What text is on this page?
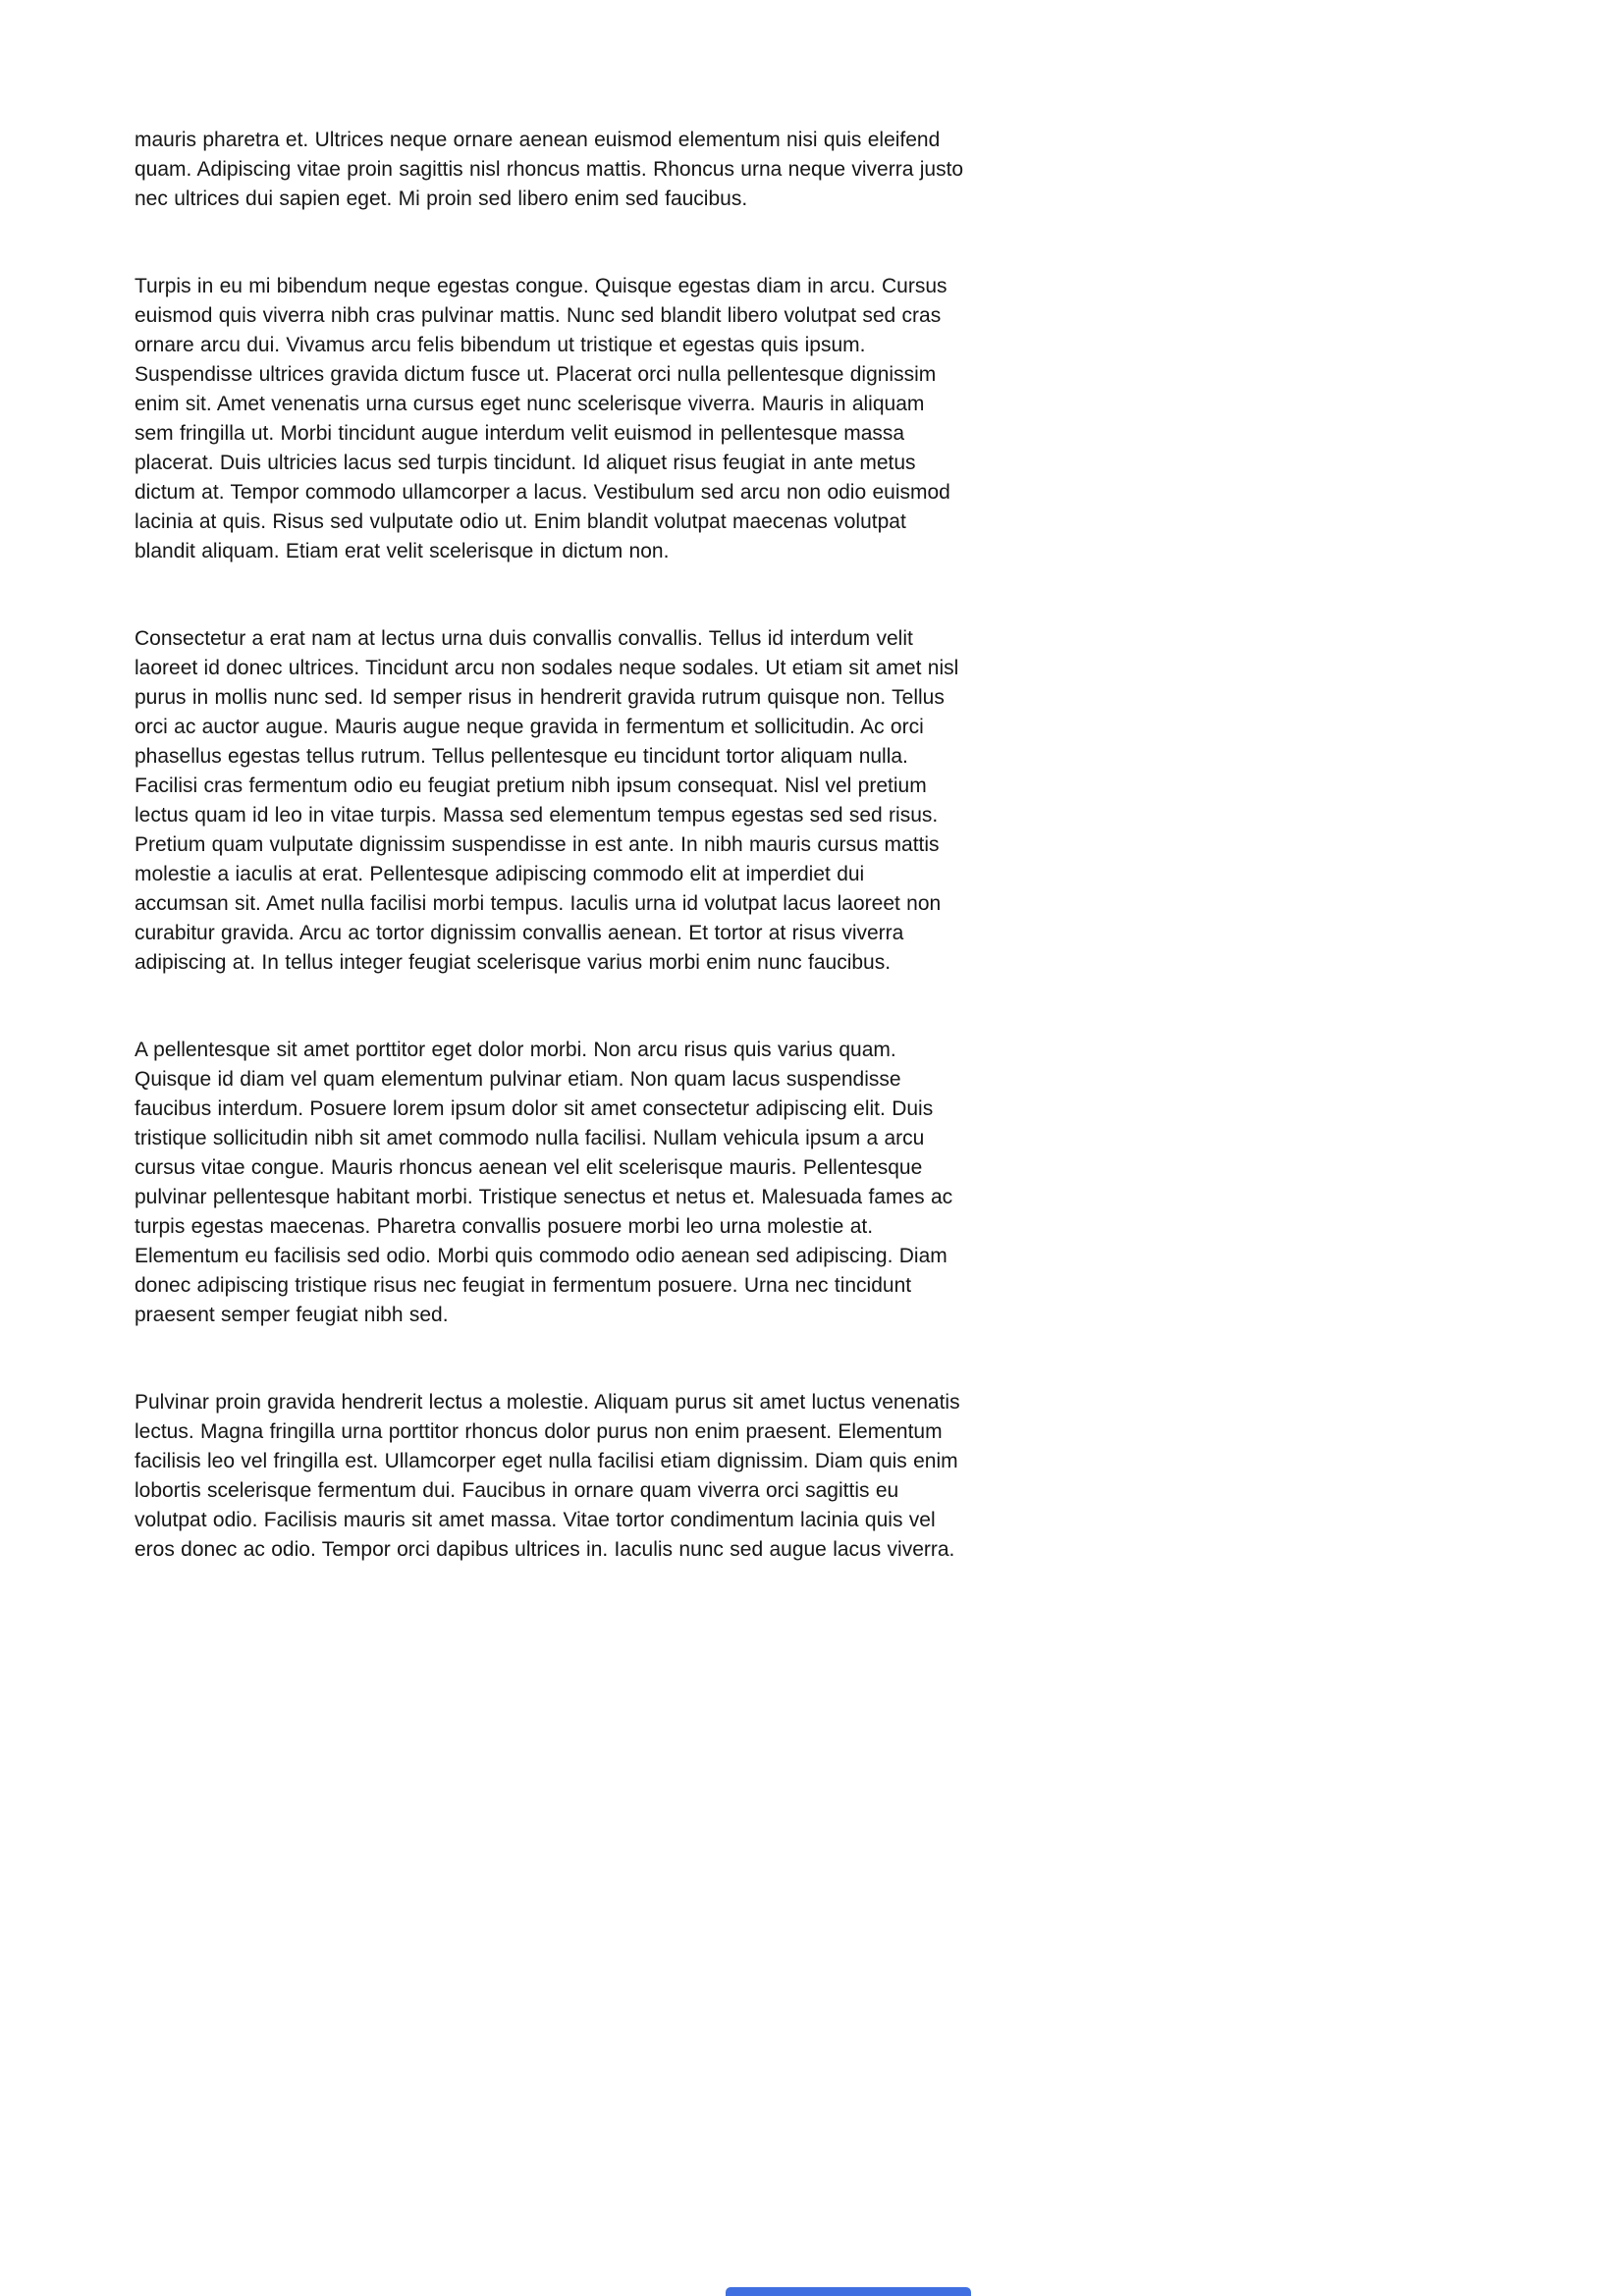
mauris pharetra et. Ultrices neque ornare aenean euismod elementum nisi quis eleifend quam. Adipiscing vitae proin sagittis nisl rhoncus mattis. Rhoncus urna neque viverra justo nec ultrices dui sapien eget. Mi proin sed libero enim sed faucibus.

Turpis in eu mi bibendum neque egestas congue. Quisque egestas diam in arcu. Cursus euismod quis viverra nibh cras pulvinar mattis. Nunc sed blandit libero volutpat sed cras ornare arcu dui. Vivamus arcu felis bibendum ut tristique et egestas quis ipsum. Suspendisse ultrices gravida dictum fusce ut. Placerat orci nulla pellentesque dignissim enim sit. Amet venenatis urna cursus eget nunc scelerisque viverra. Mauris in aliquam sem fringilla ut. Morbi tincidunt augue interdum velit euismod in pellentesque massa placerat. Duis ultricies lacus sed turpis tincidunt. Id aliquet risus feugiat in ante metus dictum at. Tempor commodo ullamcorper a lacus. Vestibulum sed arcu non odio euismod lacinia at quis. Risus sed vulputate odio ut. Enim blandit volutpat maecenas volutpat blandit aliquam. Etiam erat velit scelerisque in dictum non.

Consectetur a erat nam at lectus urna duis convallis convallis. Tellus id interdum velit laoreet id donec ultrices. Tincidunt arcu non sodales neque sodales. Ut etiam sit amet nisl purus in mollis nunc sed. Id semper risus in hendrerit gravida rutrum quisque non. Tellus orci ac auctor augue. Mauris augue neque gravida in fermentum et sollicitudin. Ac orci phasellus egestas tellus rutrum. Tellus pellentesque eu tincidunt tortor aliquam nulla. Facilisi cras fermentum odio eu feugiat pretium nibh ipsum consequat. Nisl vel pretium lectus quam id leo in vitae turpis. Massa sed elementum tempus egestas sed sed risus. Pretium quam vulputate dignissim suspendisse in est ante. In nibh mauris cursus mattis molestie a iaculis at erat. Pellentesque adipiscing commodo elit at imperdiet dui accumsan sit. Amet nulla facilisi morbi tempus. Iaculis urna id volutpat lacus laoreet non curabitur gravida. Arcu ac tortor dignissim convallis aenean. Et tortor at risus viverra adipiscing at. In tellus integer feugiat scelerisque varius morbi enim nunc faucibus.

A pellentesque sit amet porttitor eget dolor morbi. Non arcu risus quis varius quam. Quisque id diam vel quam elementum pulvinar etiam. Non quam lacus suspendisse faucibus interdum. Posuere lorem ipsum dolor sit amet consectetur adipiscing elit. Duis tristique sollicitudin nibh sit amet commodo nulla facilisi. Nullam vehicula ipsum a arcu cursus vitae congue. Mauris rhoncus aenean vel elit scelerisque mauris. Pellentesque pulvinar pellentesque habitant morbi. Tristique senectus et netus et. Malesuada fames ac turpis egestas maecenas. Pharetra convallis posuere morbi leo urna molestie at. Elementum eu facilisis sed odio. Morbi quis commodo odio aenean sed adipiscing. Diam donec adipiscing tristique risus nec feugiat in fermentum posuere. Urna nec tincidunt praesent semper feugiat nibh sed.

Pulvinar proin gravida hendrerit lectus a molestie. Aliquam purus sit amet luctus venenatis lectus. Magna fringilla urna porttitor rhoncus dolor purus non enim praesent. Elementum facilisis leo vel fringilla est. Ullamcorper eget nulla facilisi etiam dignissim. Diam quis enim lobortis scelerisque fermentum dui. Faucibus in ornare quam viverra orci sagittis eu volutpat odio. Facilisis mauris sit amet massa. Vitae tortor condimentum lacinia quis vel eros donec ac odio. Tempor orci dapibus ultrices in. Iaculis nunc sed augue lacus viverra.
